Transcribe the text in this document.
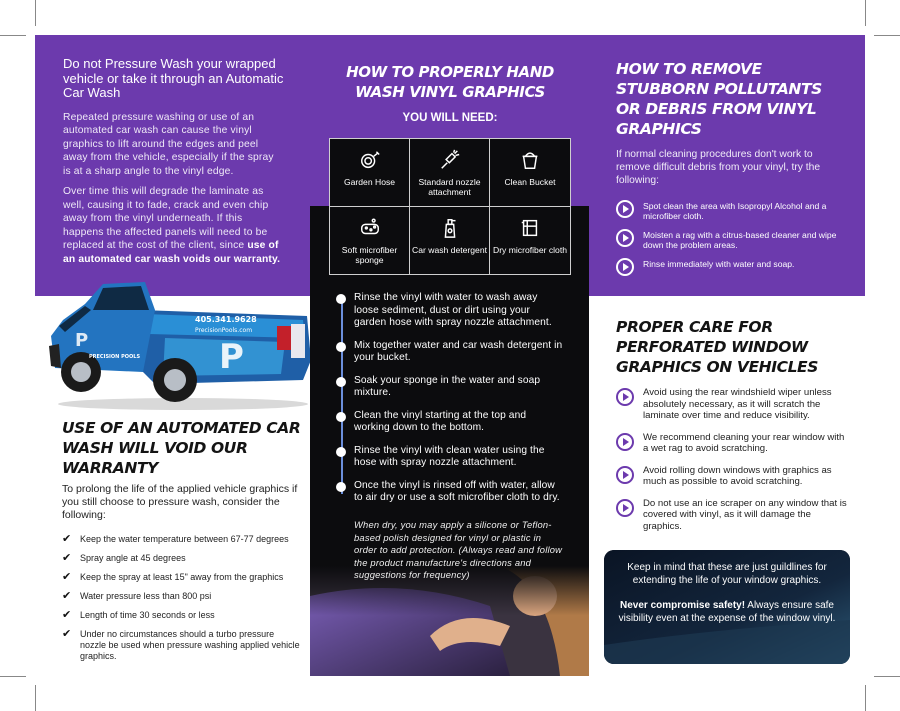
Do not Pressure Wash your wrapped vehicle or take it through an Automatic Car Wash

Repeated pressure washing or use of an automated car wash can cause the vinyl graphics to lift around the edges and peel away from the vehicle, especially if the spray is at a sharp angle to the vinyl edge.

Over time this will degrade the laminate as well, causing it to fade, crack and even chip away from the vinyl underneath. If this happens the affected panels will need to be replaced at the cost of the client, since use of an automated car wash voids our warranty.

P
P
405.341.9628
PrecisionPools.com
PRECISION POOLS
USE OF AN AUTOMATED CAR WASH WILL VOID OUR WARRANTY

To prolong the life of the applied vehicle graphics if you still choose to pressure wash, consider the following:

✔ Keep the water temperature between 67-77 degrees
✔ Spray angle at 45 degrees
✔ Keep the spray at least 15" away from the graphics
✔ Water pressure less than 800 psi
✔ Length of time 30 seconds or less
✔ Under no circumstances should a turbo pressure nozzle be used when pressure washing applied vehicle graphics.
HOW TO PROPERLY HAND WASH VINYL GRAPHICS
YOU WILL NEED:
Garden Hose	Standard nozzle attachment
Clean Bucket
Soft microfiber sponge
Car wash detergent Dry microfiber cloth
Rinse the vinyl with water to wash away loose sediment, dust or dirt using your garden hose with spray nozzle attachment.
Mix together water and car wash detergent in your bucket.
Soak your sponge in the water and soap mixture.
Clean the vinyl starting at the top and working down to the bottom.
Rinse the vinyl with clean water using the hose with spray nozzle attachment.
Once the vinyl is rinsed off with water, allow to air dry or use a soft microfiber cloth to dry.

When dry, you may apply a silicone or Teflon-based polish designed for vinyl or plastic in order to add protection. (Always read and follow the product manufacture's directions and suggestions for frequency)

HOW TO REMOVE STUBBORN POLLUTANTS OR DEBRIS FROM VINYL GRAPHICS

If normal cleaning procedures don't work to remove difficult debris from your vinyl, try the following:

Spot clean the area with Isopropyl Alcohol and a microfiber cloth.
Moisten a rag with a citrus-based cleaner and wipe down the problem areas.
Rinse immediately with water and soap.
PROPER CARE FOR PERFORATED WINDOW GRAPHICS ON VEHICLES
Avoid using the rear windshield wiper unless absolutely necessary, as it will scratch the laminate over time and reduce visibility.
We recommend cleaning your rear window with a wet rag to avoid scratching.
Avoid rolling down windows with graphics as much as possible to avoid scratching.
Do not use an ice scraper on any window that is covered with vinyl, as it will damage the graphics.

Keep in mind that these are just guildlines for extending the life of your window graphics.

Never compromise safety! Always ensure safe visibility even at the expense of the window vinyl.
